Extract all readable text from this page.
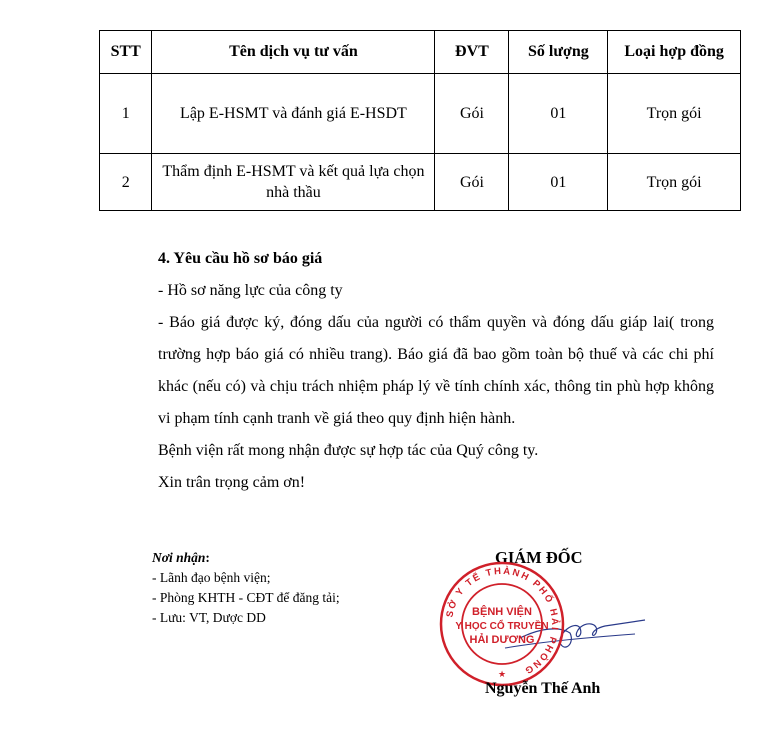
STT	Tên dịch vụ tư vấn	ĐVT	Số lượng	Loại hợp đồng
1	Lập E-HSMT và đánh giá E-HSDT	Gói	01	Trọn gói
2	Thẩm định E-HSMT và kết quả lựa chọn nhà thầu	Gói	01	Trọn gói

4. Yêu cầu hồ sơ báo giá

- Hồ sơ năng lực của công ty

- Báo giá được ký, đóng dấu của người có thẩm quyền và đóng dấu giáp lai( trong trường hợp báo giá có nhiều trang). Báo giá đã bao gồm toàn bộ thuế và các chi phí khác (nếu có) và chịu trách nhiệm pháp lý về tính chính xác, thông tin phù hợp không vi phạm tính cạnh tranh về giá theo quy định hiện hành.

Bệnh viện rất mong nhận được sự hợp tác của Quý công ty.

Xin trân trọng cảm ơn!

Nơi nhận:
- Lãnh đạo bệnh viện;
- Phòng KHTH - CĐT để đăng tải;
- Lưu: VT, Dược DD
GIÁM ĐỐC
SỞ Y TẾ THÀNH PHỐ HẢI PHÒNG
BỆNH VIỆN
Y HỌC CỔ TRUYỀN
HẢI DƯƠNG
★
Nguyễn Thế Anh
